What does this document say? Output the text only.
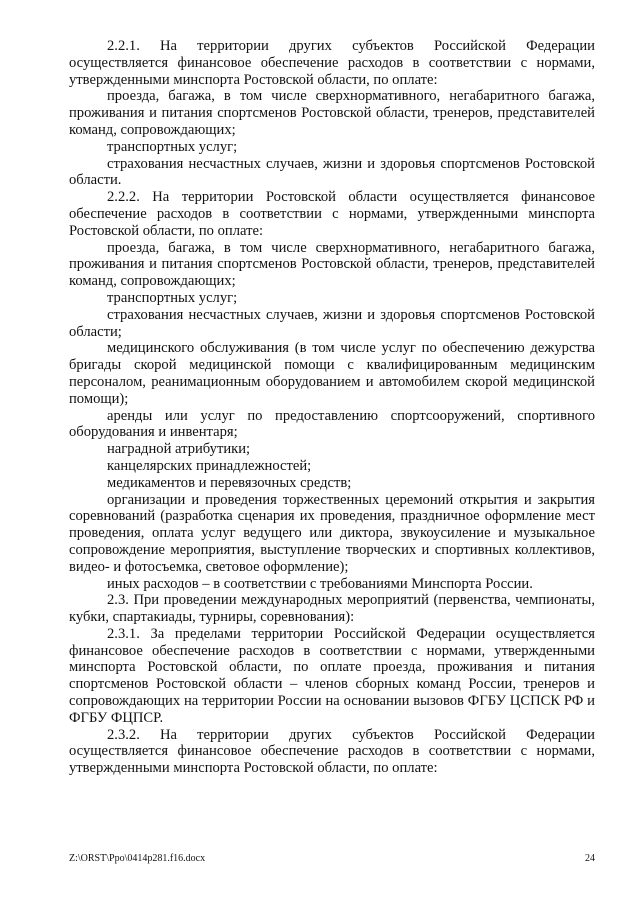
2.2.1. На территории других субъектов Российской Федерации осуществляется финансовое обеспечение расходов в соответствии с нормами, утвержденными минспорта Ростовской области, по оплате:

проезда, багажа, в том числе сверхнормативного, негабаритного багажа, проживания и питания спортсменов Ростовской области, тренеров, представителей команд, сопровождающих;

транспортных услуг;

страхования несчастных случаев, жизни и здоровья спортсменов Ростовской области.

2.2.2. На территории Ростовской области осуществляется финансовое обеспечение расходов в соответствии с нормами, утвержденными минспорта Ростовской области, по оплате:

проезда, багажа, в том числе сверхнормативного, негабаритного багажа, проживания и питания спортсменов Ростовской области, тренеров, представителей команд, сопровождающих;

транспортных услуг;

страхования несчастных случаев, жизни и здоровья спортсменов Ростовской области;

медицинского обслуживания (в том числе услуг по обеспечению дежурства бригады скорой медицинской помощи с квалифицированным медицинским персоналом, реанимационным оборудованием и автомобилем скорой медицинской помощи);

аренды или услуг по предоставлению спортсооружений, спортивного оборудования и инвентаря;

наградной атрибутики;

канцелярских принадлежностей;

медикаментов и перевязочных средств;

организации и проведения торжественных церемоний открытия и закрытия соревнований (разработка сценария их проведения, праздничное оформление мест проведения, оплата услуг ведущего или диктора, звукоусиление и музыкальное сопровождение мероприятия, выступление творческих и спортивных коллективов, видео- и фотосъемка, световое оформление);

иных расходов – в соответствии с требованиями Минспорта России.

2.3. При проведении международных мероприятий (первенства, чемпионаты, кубки, спартакиады, турниры, соревнования):

2.3.1. За пределами территории Российской Федерации осуществляется финансовое обеспечение расходов в соответствии с нормами, утвержденными минспорта Ростовской области, по оплате проезда, проживания и питания спортсменов Ростовской области – членов сборных команд России, тренеров и сопровождающих на территории России на основании вызовов ФГБУ ЦСПСК РФ и ФГБУ ФЦПСР.

2.3.2. На территории других субъектов Российской Федерации осуществляется финансовое обеспечение расходов в соответствии с нормами, утвержденными минспорта Ростовской области, по оплате:

Z:\ORST\Ppo\0414p281.f16.docx	24
